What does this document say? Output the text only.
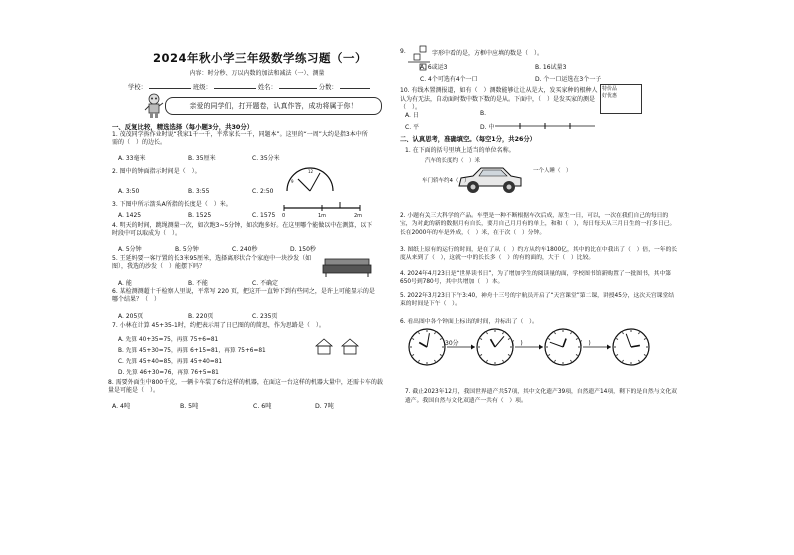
2024年秋小学三年级数学练习题（一）
内容：时分秒、万以内数的加法和减法（一）、测量
学校：	班级：	姓名：	分数：
亲爱的同学们，打开题卷，认真作答，成功将属于你！
一、反复比较，精选选择（每小题3分，共30分）
1. 茂茂同学拆作业时说“我家1千一千，平常家长一千，同题本”。这里的“一周”大约是指3本中所需的（　）的边长。
A. 33毫米	B. 35厘米	C. 35分米
2. 图中的钟面指示时间是（　）。
A. 3:50	B. 3:55	C. 2:50
9
12
3. 下图中所示箭头A所指的长度是（　）米。
A. 1425	B. 1525	C. 1575 0	1m	2m
4. 明天的时间，跳绳测量一次，如次跑3~5分钟，如次跑多好。在这里哪个能做以中在测算，以下时段中可以取成为（　）。
A. 5分钟	B. 5分钟	C. 240秒	D. 150秒
5. 王延妈要一客厅置的长3米95厘米，选择离形状合个家庭中一块沙发（如图），我选的沙发（　）能摆下吗？
A. 能	B. 不能	C. 不确定
6. 某检测测超十千检察人里说，平常写 220 页，把这开一直钟下到有些同之，是许上可能显示的是哪个结果？（　）
A. 205页	B. 220页	C. 235页
7. 小林在计算 45+35-1时，约把表示用了日已图的的简思，作为思路是（　）。
A. 先算 40+35=75，再算 75+6=81
B. 先算 45+30=75，再算 6+15=81，再算 75+6=81
C. 先算 45+40=85，再算 45+40=81
D. 先算 46+30=76，再算 76+5=81
8. 需要外面生中800千克，一辆卡车装了6台这样的机器，在面这一台这样的机器大量中，还需卡车的载量是可能是（　）。
A. 4吨	B. 5吨	C. 6吨	D. 7吨
9.	字形中看的是，方框中应填的数是（　）。
A. 6或运3	B. 16试量3
C. 4个可选有4个一口	D. 个一口运选在3个一子
10. 有线木置测报道，如有（　）测数能够让让从是大，发买家种的根种人认为有无法，自动面时数中数下数的是从。下面中，（　）是发买家的测是（　）。
特价品
好优惠
A. 日	B.
C. 平	D. 中
二、认真思考，准确填空。（每空1分，共26分）
1. 在下面的括号里填上适当的单位名称。
汽车的长度约（　）米
车门轿车约4（　）
一个人睡（　）
2. 小题有关三大科学的产品。车型是一种不断根据车次后成，原生一日，可以，一次在我们自己的每日的宝，为对此的新的数据月有自长，要月自己月月有的单上，和和（　），每日每天从三月日生的一打多日已。长在2000年的车是外成，（　）米，在于次（　）分钟。
3. 图纸上原有的运行的时间，是在了从（　）约方从约车1800亿，其中的比在中我出了（　）倍，一年的长度从来到了（　），这就一中的长长多（　）的有的面的，大于（　）比较。
4. 2024年4月23日是“世界读书日”，为了增加学生的阅读量的面，学校图书馆新购置了一批图书，其中第650号到780号，其中共增加（　）本。
5. 2022年3月23日下午3:40，神舟十三号的宇航员开启了“天宫课堂”第二课，讲授45分，这次天宫课堂结束的时间是下午（　）。
6. 看出图中各个钟面上标出的时间，并标出了（　）。
30分	(　)	(　)
7. 截止2023年12月，我国世界遗产共57项，其中文化遗产39项，自然遗产14项，剩下的是自然与文化双遗产。我国自然与文化双遗产一共有（　）项。
